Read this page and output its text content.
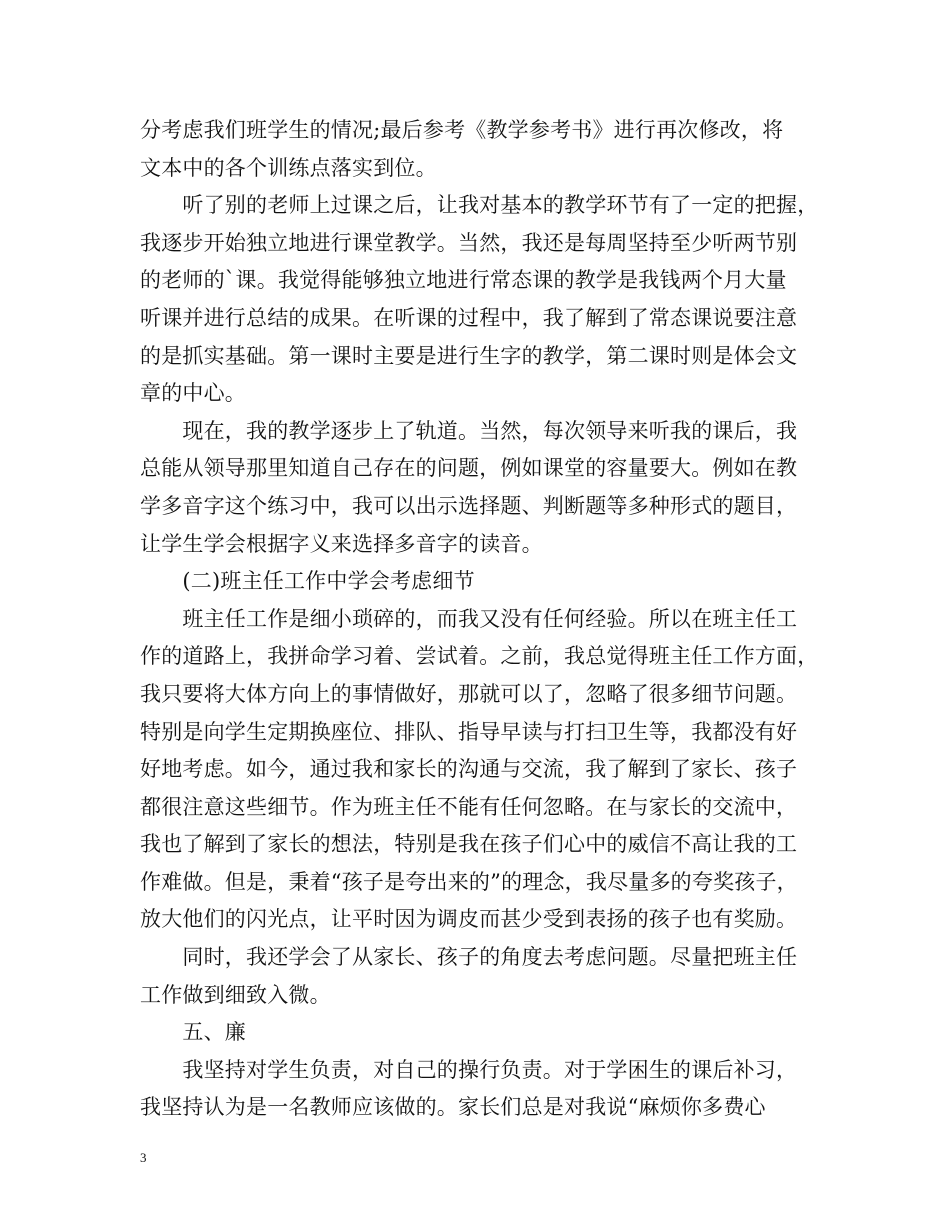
分考虑我们班学生的情况;最后参考《教学参考书》进行再次修改，将
文本中的各个训练点落实到位。

　　听了别的老师上过课之后，让我对基本的教学环节有了一定的把握，
我逐步开始独立地进行课堂教学。当然，我还是每周坚持至少听两节别
的老师的`课。我觉得能够独立地进行常态课的教学是我钱两个月大量
听课并进行总结的成果。在听课的过程中，我了解到了常态课说要注意
的是抓实基础。第一课时主要是进行生字的教学，第二课时则是体会文
章的中心。

　　现在，我的教学逐步上了轨道。当然，每次领导来听我的课后，我
总能从领导那里知道自己存在的问题，例如课堂的容量要大。例如在教
学多音字这个练习中，我可以出示选择题、判断题等多种形式的题目，
让学生学会根据字义来选择多音字的读音。

　　(二)班主任工作中学会考虑细节

　　班主任工作是细小琐碎的，而我又没有任何经验。所以在班主任工
作的道路上，我拼命学习着、尝试着。之前，我总觉得班主任工作方面，
我只要将大体方向上的事情做好，那就可以了，忽略了很多细节问题。
特别是向学生定期换座位、排队、指导早读与打扫卫生等，我都没有好
好地考虑。如今，通过我和家长的沟通与交流，我了解到了家长、孩子
都很注意这些细节。作为班主任不能有任何忽略。在与家长的交流中，
我也了解到了家长的想法，特别是我在孩子们心中的威信不高让我的工
作难做。但是，秉着“孩子是夸出来的”的理念，我尽量多的夸奖孩子，
放大他们的闪光点，让平时因为调皮而甚少受到表扬的孩子也有奖励。

　　同时，我还学会了从家长、孩子的角度去考虑问题。尽量把班主任
工作做到细致入微。

　　五、廉

　　我坚持对学生负责，对自己的操行负责。对于学困生的课后补习，
我坚持认为是一名教师应该做的。家长们总是对我说“麻烦你多费心

3
